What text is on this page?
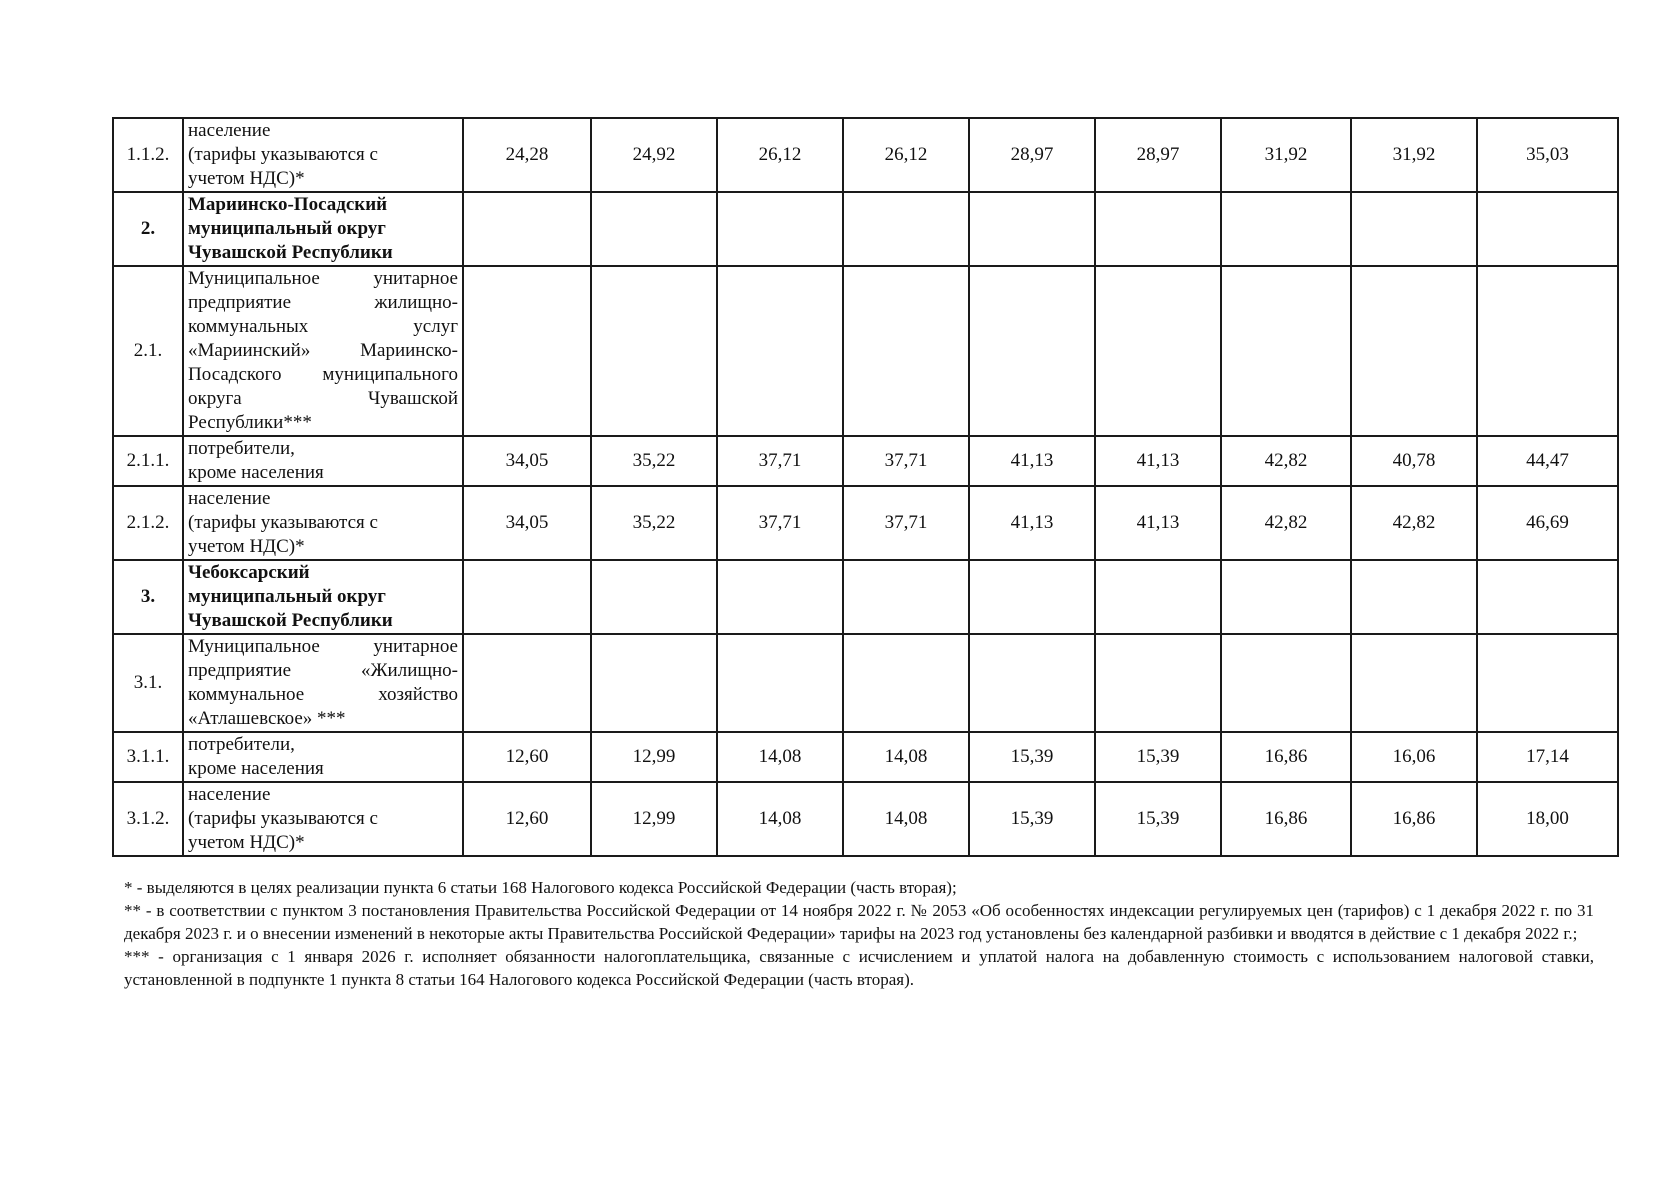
1.1.2.	население
(тарифы указываются с
учетом НДС)*	24,28	24,92	26,12	26,12	28,97	28,97	31,92	31,92	35,03
2.	Мариинско-Посадский
муниципальный округ
Чувашской Республики									
2.1.	Муниципальное унитарное предприятие жилищно-коммунальных услуг «Мариинский» Мариинско-Посадского муниципального округа Чувашской Республики***									
2.1.1.	потребители,
кроме населения	34,05	35,22	37,71	37,71	41,13	41,13	42,82	40,78	44,47
2.1.2.	население
(тарифы указываются с
учетом НДС)*	34,05	35,22	37,71	37,71	41,13	41,13	42,82	42,82	46,69
3.	Чебоксарский
муниципальный округ
Чувашской Республики									
3.1.	Муниципальное унитарное предприятие «Жилищно-коммунальное хозяйство «Атлашевское» ***									
3.1.1.	потребители,
кроме населения	12,60	12,99	14,08	14,08	15,39	15,39	16,86	16,06	17,14
3.1.2.	население
(тарифы указываются с
учетом НДС)*	12,60	12,99	14,08	14,08	15,39	15,39	16,86	16,86	18,00

* - выделяются в целях реализации пункта 6 статьи 168 Налогового кодекса Российской Федерации (часть вторая);

** - в соответствии с пунктом 3 постановления Правительства Российской Федерации от 14 ноября 2022 г. № 2053 «Об особенностях индексации регулируемых цен (тарифов) с 1 декабря 2022 г. по 31 декабря 2023 г. и о внесении изменений в некоторые акты Правительства Российской Федерации» тарифы на 2023 год установлены без календарной разбивки и вводятся в действие с 1 декабря 2022 г.;

*** - организация с 1 января 2026 г. исполняет обязанности налогоплательщика, связанные с исчислением и уплатой налога на добавленную стоимость с использованием налоговой ставки, установленной в подпункте 1 пункта 8 статьи 164 Налогового кодекса Российской Федерации (часть вторая).
